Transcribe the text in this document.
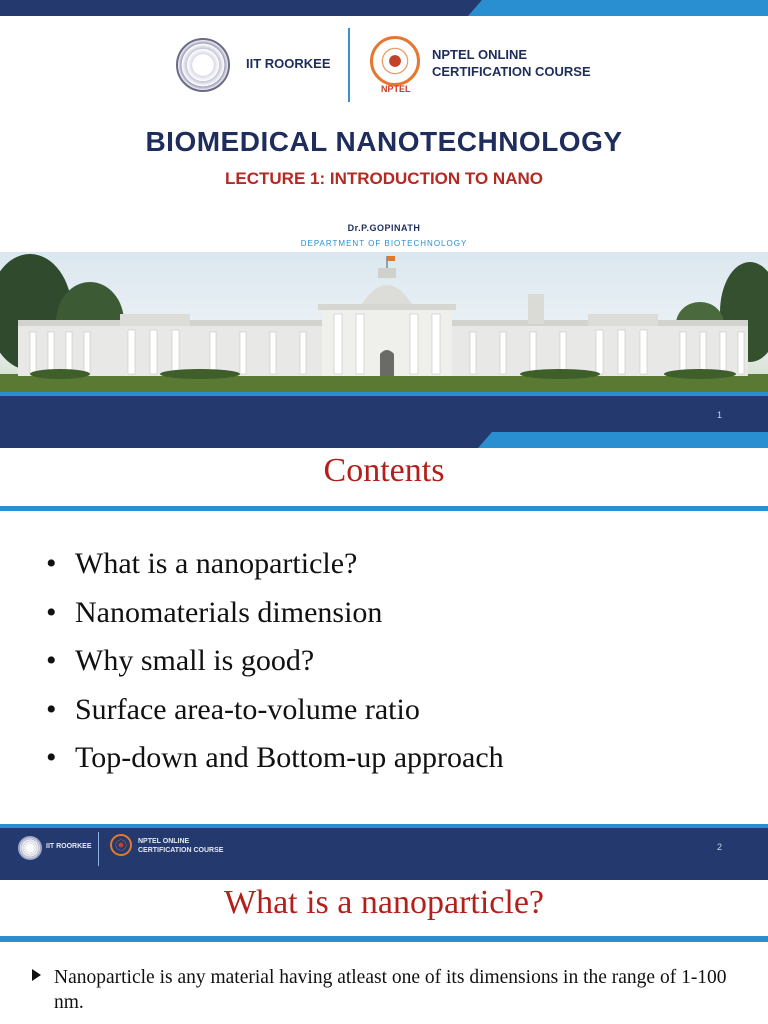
IIT ROORKEE
NPTEL
NPTEL ONLINE
CERTIFICATION COURSE
BIOMEDICAL NANOTECHNOLOGY
LECTURE 1: INTRODUCTION TO NANO
Dr.P.GOPINATH
DEPARTMENT OF BIOTECHNOLOGY
1
Contents
• What is a nanoparticle?
• Nanomaterials dimension
• Why small is good?
• Surface area-to-volume ratio
• Top-down and Bottom-up approach
IIT ROORKEE
NPTEL ONLINE
CERTIFICATION COURSE	2
What is a nanoparticle?
Nanoparticle is any material having atleast one of its dimensions in the range of 1-100 nm.
